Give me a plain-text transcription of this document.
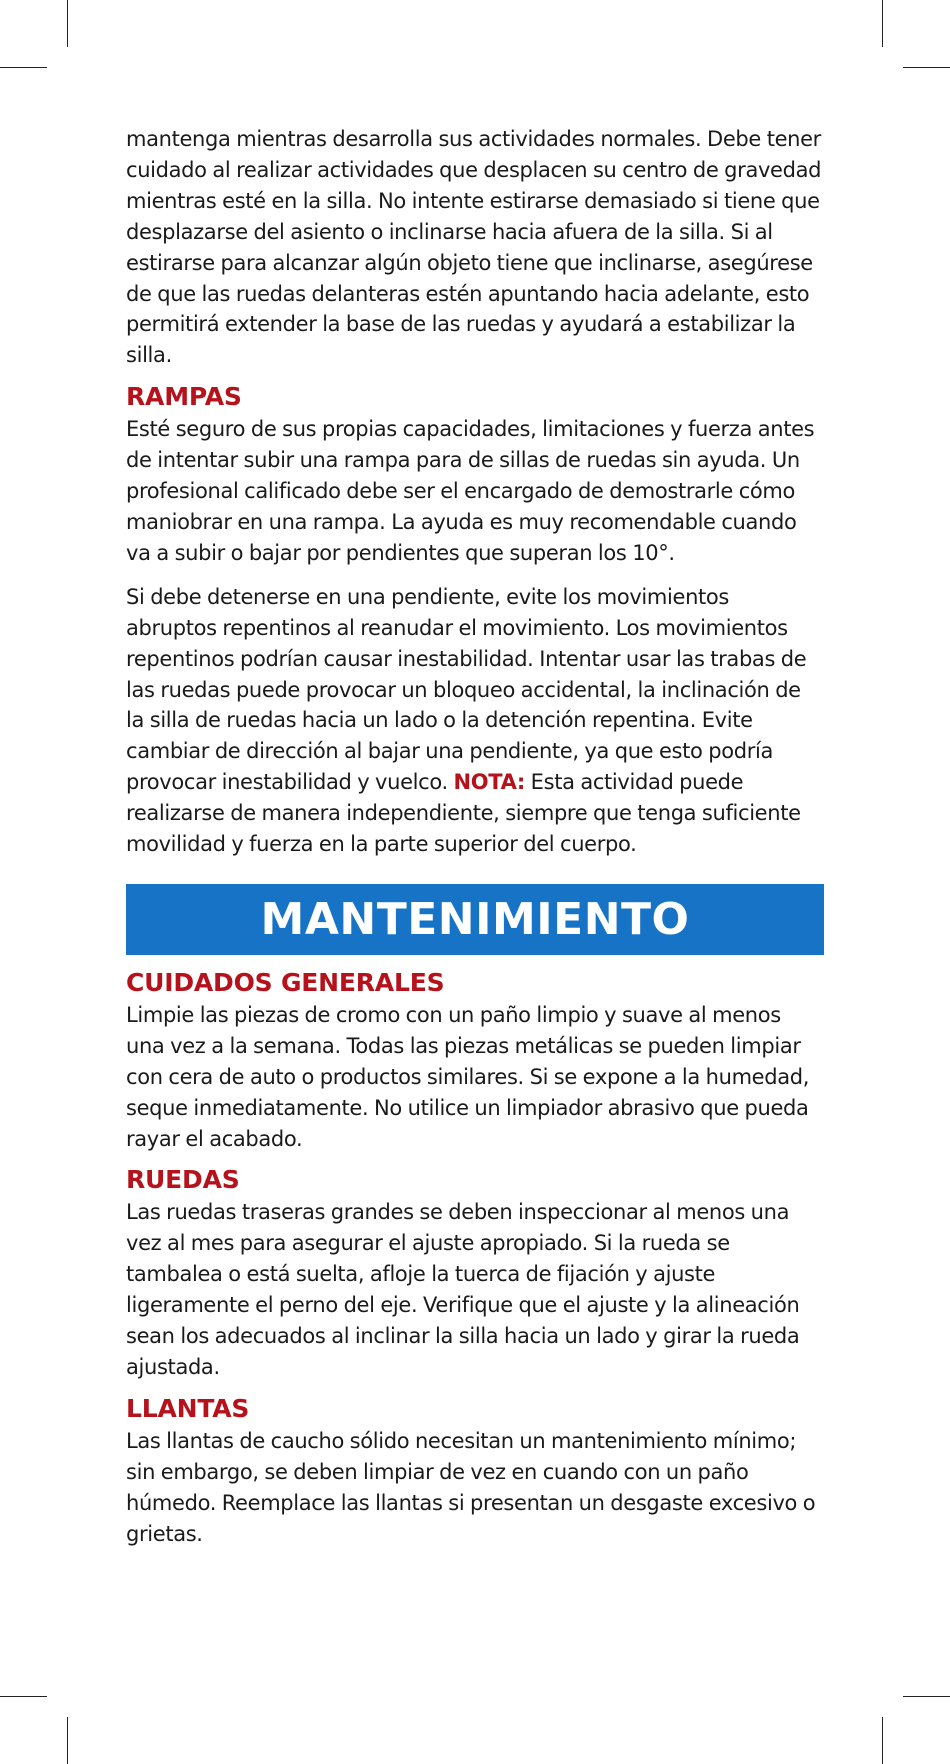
mantenga mientras desarrolla sus actividades normales. Debe tener cuidado al realizar actividades que desplacen su centro de gravedad mientras esté en la silla. No intente estirarse demasiado si tiene que desplazarse del asiento o inclinarse hacia afuera de la silla. Si al estirarse para alcanzar algún objeto tiene que inclinarse, asegúrese de que las ruedas delanteras estén apuntando hacia adelante, esto permitirá extender la base de las ruedas y ayudará a estabilizar la silla.

RAMPAS

Esté seguro de sus propias capacidades, limitaciones y fuerza antes de intentar subir una rampa para de sillas de ruedas sin ayuda. Un profesional calificado debe ser el encargado de demostrarle cómo maniobrar en una rampa. La ayuda es muy recomendable cuando va a subir o bajar por pendientes que superan los 10°.

Si debe detenerse en una pendiente, evite los movimientos abruptos repentinos al reanudar el movimiento. Los movimientos repentinos podrían causar inestabilidad. Intentar usar las trabas de las ruedas puede provocar un bloqueo accidental, la inclinación de la silla de ruedas hacia un lado o la detención repentina. Evite cambiar de dirección al bajar una pendiente, ya que esto podría provocar inestabilidad y vuelco. NOTA: Esta actividad puede realizarse de manera independiente, siempre que tenga suficiente movilidad y fuerza en la parte superior del cuerpo.

MANTENIMIENTO
CUIDADOS GENERALES

Limpie las piezas de cromo con un paño limpio y suave al menos una vez a la semana. Todas las piezas metálicas se pueden limpiar con cera de auto o productos similares. Si se expone a la humedad, seque inmediatamente. No utilice un limpiador abrasivo que pueda rayar el acabado.

RUEDAS

Las ruedas traseras grandes se deben inspeccionar al menos una vez al mes para asegurar el ajuste apropiado. Si la rueda se tambalea o está suelta, afloje la tuerca de fijación y ajuste ligeramente el perno del eje. Verifique que el ajuste y la alineación sean los adecuados al inclinar la silla hacia un lado y girar la rueda ajustada.

LLANTAS

Las llantas de caucho sólido necesitan un mantenimiento mínimo; sin embargo, se deben limpiar de vez en cuando con un paño húmedo. Reemplace las llantas si presentan un desgaste excesivo o grietas.
